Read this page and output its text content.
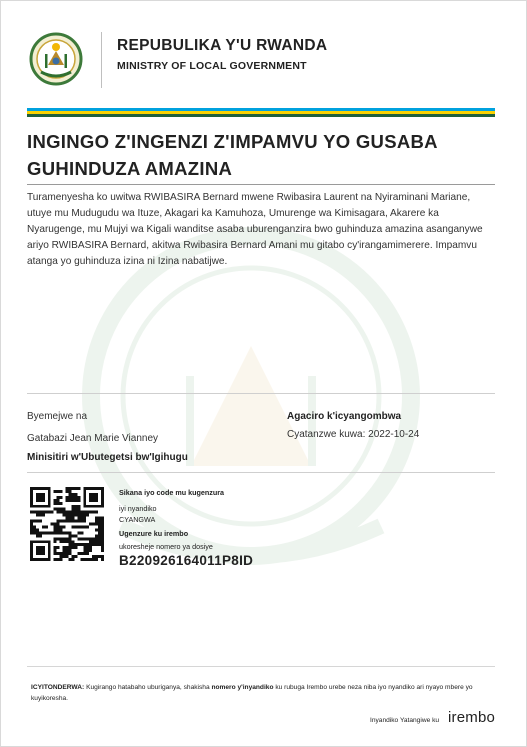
REPUBULIKA Y'U RWANDA
MINISTRY OF LOCAL GOVERNMENT
INGINGO Z'INGENZI Z'IMPAMVU YO GUSABA GUHINDUZA AMAZINA
Turamenyesha ko uwitwa RWIBASIRA Bernard mwene Rwibasira Laurent na Nyiraminani Mariane, utuye mu Mudugudu wa Ituze, Akagari ka Kamuhoza, Umurenge wa Kimisagara, Akarere ka Nyarugenge, mu Mujyi wa Kigali wanditse asaba uburenganzira bwo guhinduza amazina asanganywe ariyo RWIBASIRA Bernard, akitwa Rwibasira Bernard Amani mu gitabo cy'irangamimerere. Impamvu atanga yo guhinduza izina ni Izina nabatijwe.
Byemejwe na
Gatabazi Jean Marie Vianney
Minisitiri w'Ubutegetsi bw'Igihugu
Agaciro k'icyangombwa
Cyatanzwe kuwa: 2022-10-24
Sikana iyo code mu kugenzura
iyi nyandiko
CYANGWA
Ugenzure ku irembo
ukoresheje nomero ya dosiye
B220926164011P8ID
ICYITONDERWA: Kugirango hatabaho uburiganya, shakisha nomero y'inyandiko ku rubuga Irembo urebe neza niba iyo nyandiko ari nyayo mbere yo kuyikoresha.
Inyandiko Yatangiwe ku irembo
